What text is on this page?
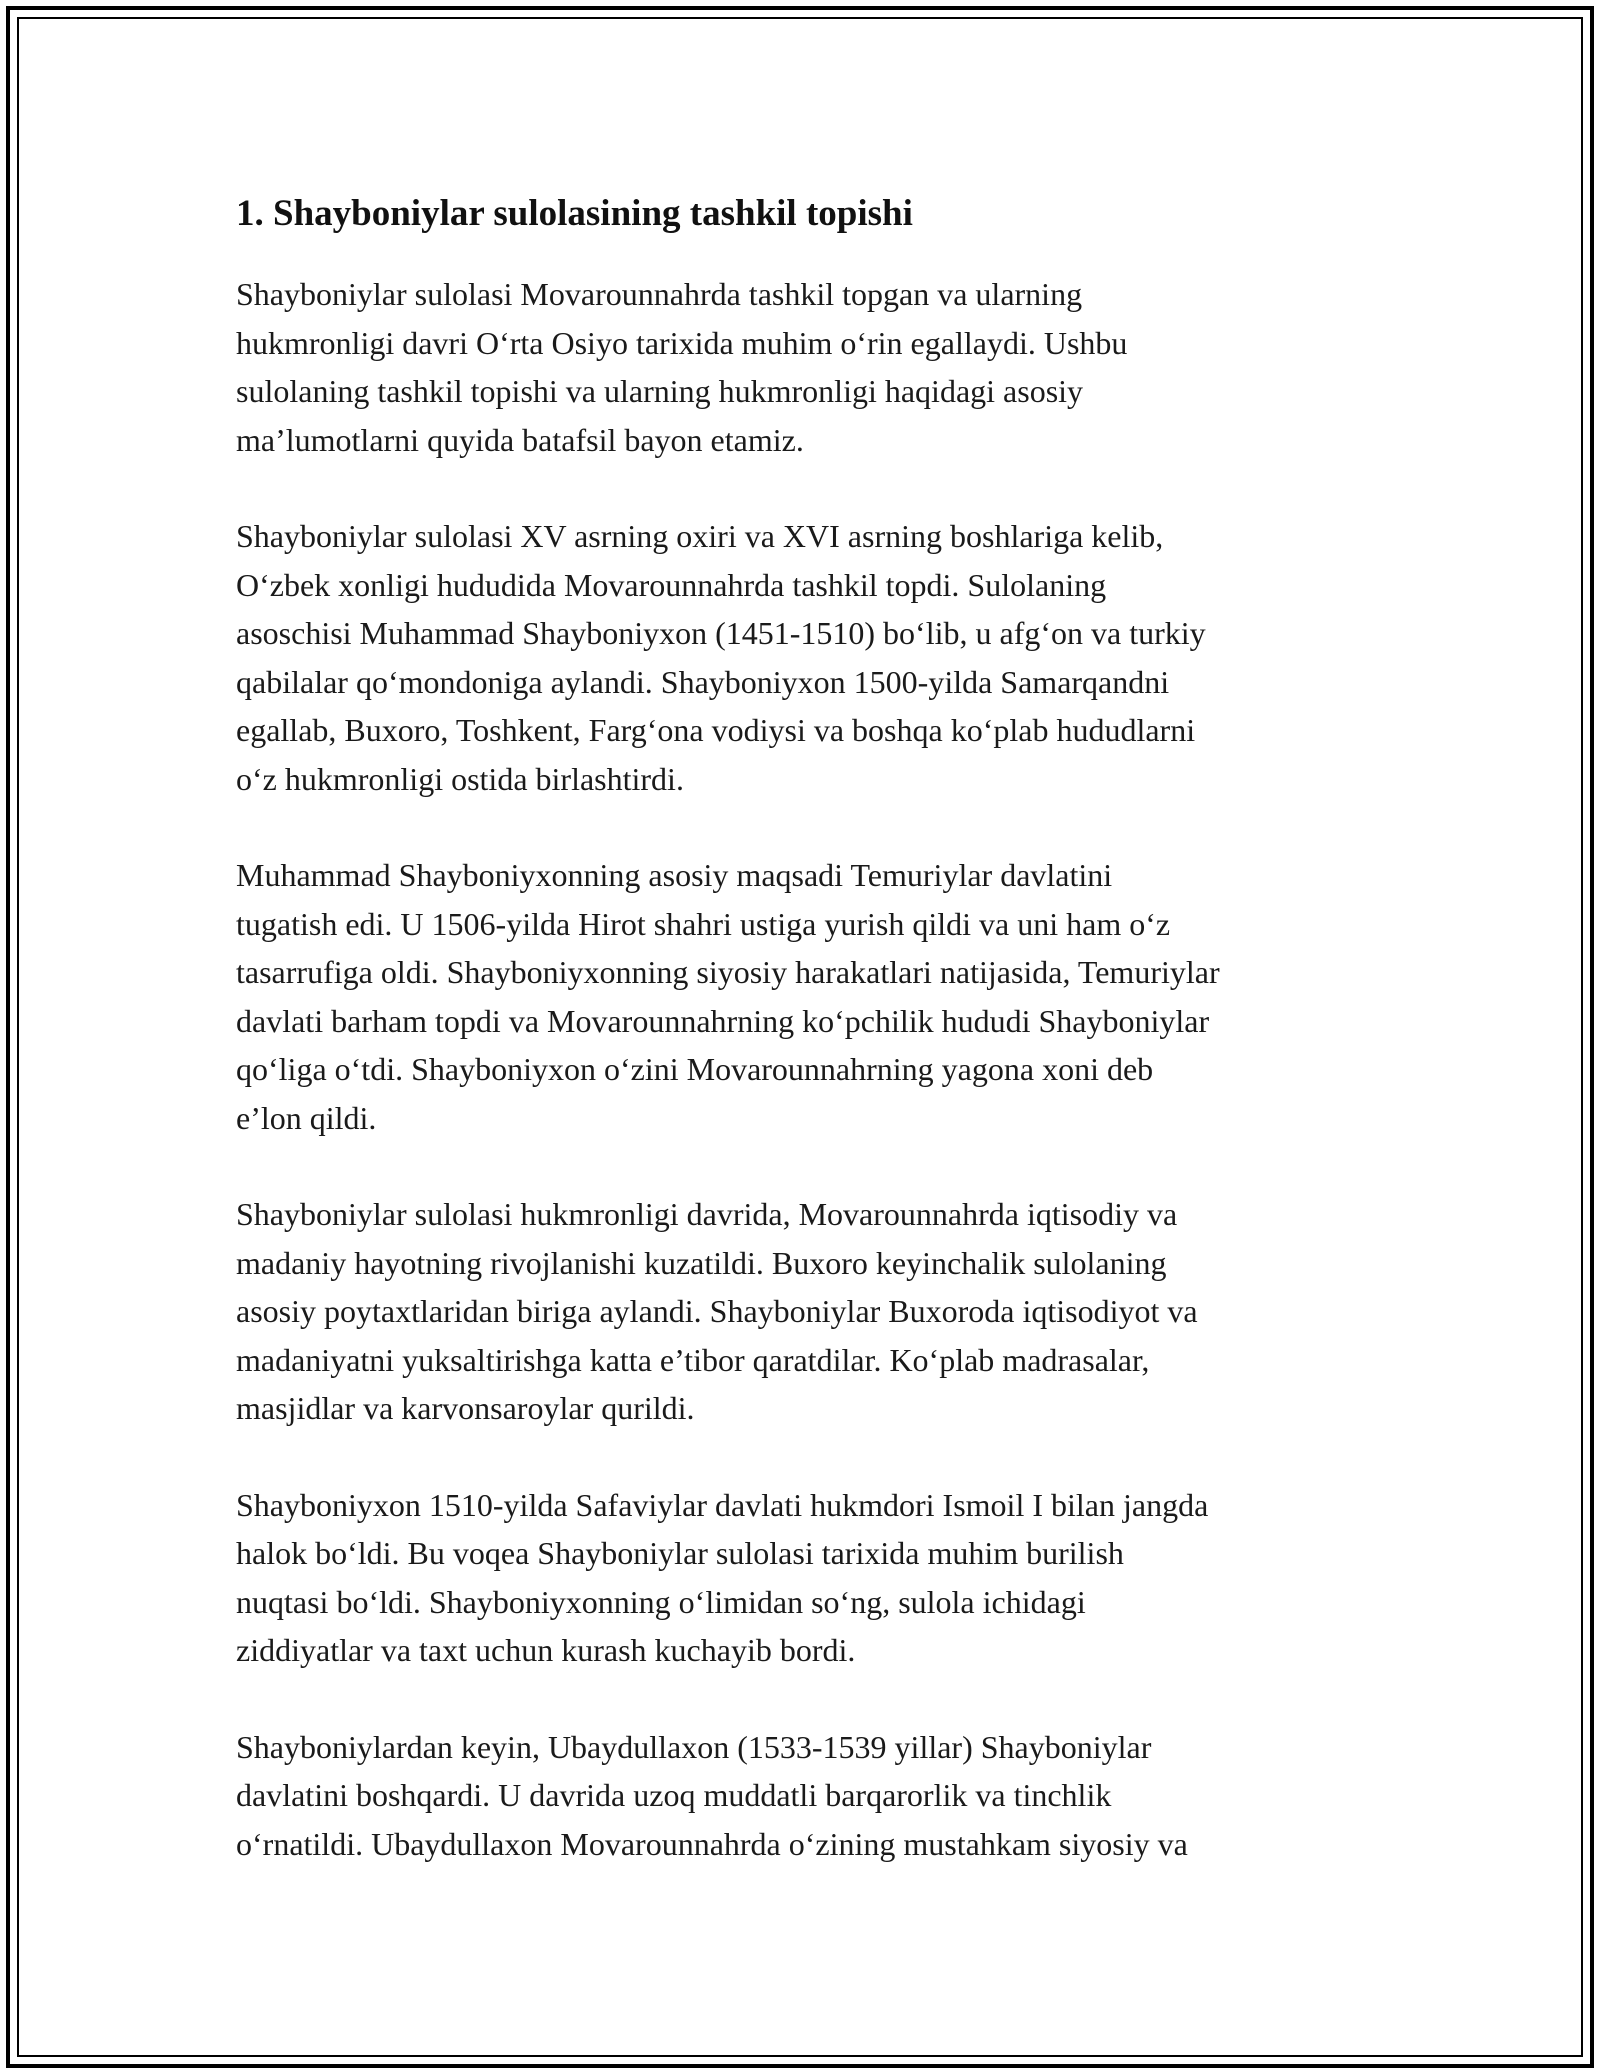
1. Shayboniylar sulolasining tashkil topishi

Shayboniylar sulolasi Movarounnahrda tashkil topgan va ularning
hukmronligi davri O‘rta Osiyo tarixida muhim o‘rin egallaydi. Ushbu
sulolaning tashkil topishi va ularning hukmronligi haqidagi asosiy
ma’lumotlarni quyida batafsil bayon etamiz.

Shayboniylar sulolasi XV asrning oxiri va XVI asrning boshlariga kelib,
O‘zbek xonligi hududida Movarounnahrda tashkil topdi. Sulolaning
asoschisi Muhammad Shayboniyxon (1451-1510) bo‘lib, u afg‘on va turkiy
qabilalar qo‘mondoniga aylandi. Shayboniyxon 1500-yilda Samarqandni
egallab, Buxoro, Toshkent, Farg‘ona vodiysi va boshqa ko‘plab hududlarni
o‘z hukmronligi ostida birlashtirdi.

Muhammad Shayboniyxonning asosiy maqsadi Temuriylar davlatini
tugatish edi. U 1506-yilda Hirot shahri ustiga yurish qildi va uni ham o‘z
tasarrufiga oldi. Shayboniyxonning siyosiy harakatlari natijasida, Temuriylar
davlati barham topdi va Movarounnahrning ko‘pchilik hududi Shayboniylar
qo‘liga o‘tdi. Shayboniyxon o‘zini Movarounnahrning yagona xoni deb
e’lon qildi.

Shayboniylar sulolasi hukmronligi davrida, Movarounnahrda iqtisodiy va
madaniy hayotning rivojlanishi kuzatildi. Buxoro keyinchalik sulolaning
asosiy poytaxtlaridan biriga aylandi. Shayboniylar Buxoroda iqtisodiyot va
madaniyatni yuksaltirishga katta e’tibor qaratdilar. Ko‘plab madrasalar,
masjidlar va karvonsaroylar qurildi.

Shayboniyxon 1510-yilda Safaviylar davlati hukmdori Ismoil I bilan jangda
halok bo‘ldi. Bu voqea Shayboniylar sulolasi tarixida muhim burilish
nuqtasi bo‘ldi. Shayboniyxonning o‘limidan so‘ng, sulola ichidagi
ziddiyatlar va taxt uchun kurash kuchayib bordi.

Shayboniylardan keyin, Ubaydullaxon (1533-1539 yillar) Shayboniylar
davlatini boshqardi. U davrida uzoq muddatli barqarorlik va tinchlik
o‘rnatildi. Ubaydullaxon Movarounnahrda o‘zining mustahkam siyosiy va
